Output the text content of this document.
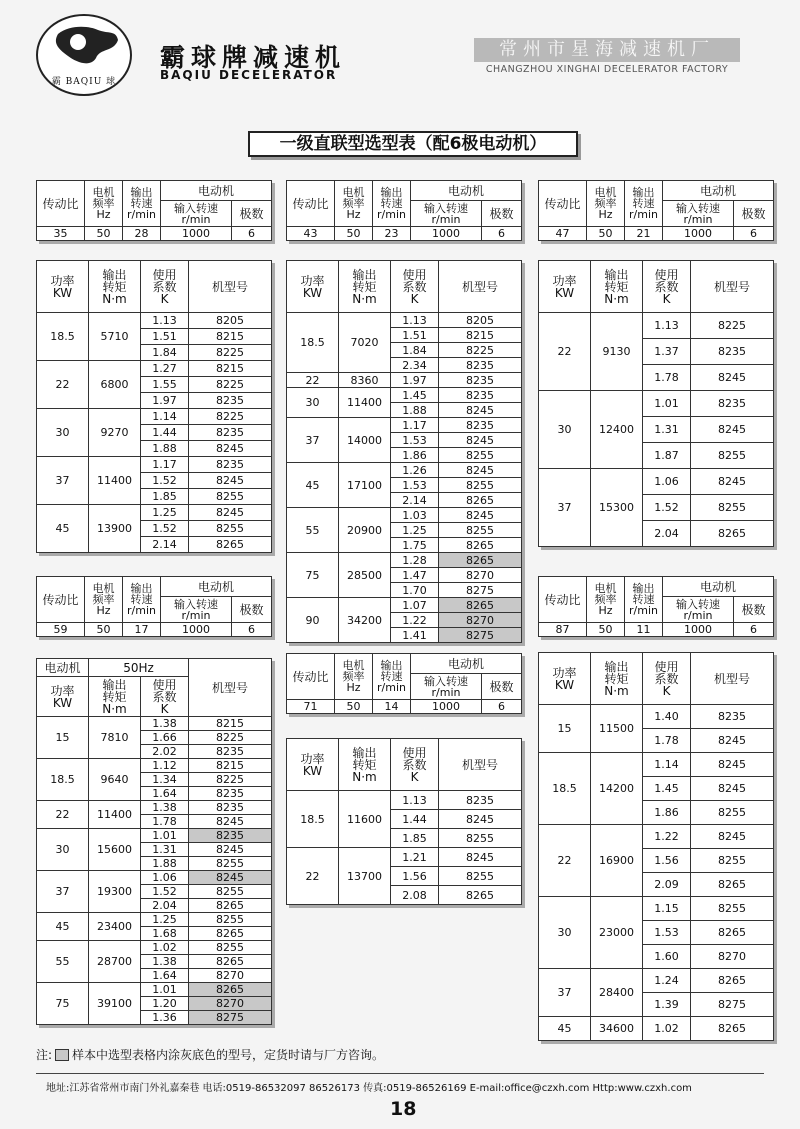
霸 BAQIU 球
霸球牌减速机
BAQIU DECELERATOR
常州市星海减速机厂
CHANGZHOU XINGHAI DECELERATOR FACTORY
一级直联型选型表（配6极电动机）
传动比	电机
频率
Hz	输出
转速
r/min	电动机	
			输入转速
r/min	极数
35	50	28	1000	6
传动比	电机
频率
Hz	输出
转速
r/min	电动机	
			输入转速
r/min	极数
43	50	23	1000	6
传动比	电机
频率
Hz	输出
转速
r/min	电动机	
			输入转速
r/min	极数
47	50	21	1000	6
传动比	电机
频率
Hz	输出
转速
r/min	电动机	
			输入转速
r/min	极数
59	50	17	1000	6
传动比	电机
频率
Hz	输出
转速
r/min	电动机	
			输入转速
r/min	极数
87	50	11	1000	6
传动比	电机
频率
Hz	输出
转速
r/min	电动机	
			输入转速
r/min	极数
71	50	14	1000	6
功率
KW	输出
转矩
N·m	使用
系数
K	机型号
18.5	5710	1.13	8205
		1.51	8215
		1.84	8225
22	6800	1.27	8215
		1.55	8225
		1.97	8235
30	9270	1.14	8225
		1.44	8235
		1.88	8245
37	11400	1.17	8235
		1.52	8245
		1.85	8255
45	13900	1.25	8245
		1.52	8255
		2.14	8265
功率
KW	输出
转矩
N·m	使用
系数
K	机型号
18.5	7020	1.13	8205
		1.51	8215
		1.84	8225
		2.34	8235
22	8360	1.97	8235
30	11400	1.45	8235
		1.88	8245
37	14000	1.17	8235
		1.53	8245
		1.86	8255
45	17100	1.26	8245
		1.53	8255
		2.14	8265
55	20900	1.03	8245
		1.25	8255
		1.75	8265
75	28500	1.28	8265
		1.47	8270
		1.70	8275
90	34200	1.07	8265
		1.22	8270
		1.41	8275
功率
KW	输出
转矩
N·m	使用
系数
K	机型号
22	9130	1.13	8225
		1.37	8235
		1.78	8245
30	12400	1.01	8235
		1.31	8245
		1.87	8255
37	15300	1.06	8245
		1.52	8255
		2.04	8265
电动机	50Hz		机型号
功率
KW	输出
转矩
N·m	使用
系数
K	
15	7810	1.38	8215
		1.66	8225
		2.02	8235
18.5	9640	1.12	8215
		1.34	8225
		1.64	8235
22	11400	1.38	8235
		1.78	8245
30	15600	1.01	8235
		1.31	8245
		1.88	8255
37	19300	1.06	8245
		1.52	8255
		2.04	8265
45	23400	1.25	8255
		1.68	8265
55	28700	1.02	8255
		1.38	8265
		1.64	8270
75	39100	1.01	8265
		1.20	8270
		1.36	8275
功率
KW	输出
转矩
N·m	使用
系数
K	机型号
18.5	11600	1.13	8235
		1.44	8245
		1.85	8255
22	13700	1.21	8245
		1.56	8255
		2.08	8265
功率
KW	输出
转矩
N·m	使用
系数
K	机型号
15	11500	1.40	8235
		1.78	8245
18.5	14200	1.14	8245
		1.45	8245
		1.86	8255
22	16900	1.22	8245
		1.56	8255
		2.09	8265
30	23000	1.15	8255
		1.53	8265
		1.60	8270
37	28400	1.24	8265
		1.39	8275
45	34600	1.02	8265
注: 样本中选型表格内涂灰底色的型号，定货时请与厂方咨询。
地址:江苏省常州市南门外礼嘉秦巷 电话:0519-86532097 86526173 传真:0519-86526169 E-mail:office@czxh.com Http:www.czxh.com
18
